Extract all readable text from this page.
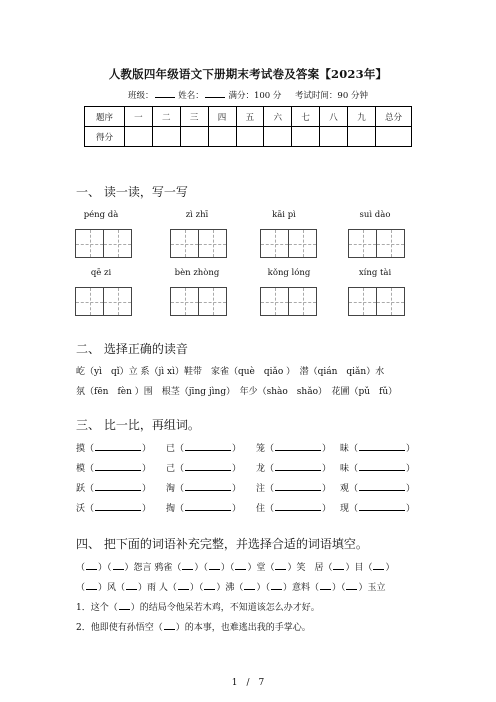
人教版四年级语文下册期末考试卷及答案【2023年】
班级：	姓名：	满分：100 分 考试时间：90 分钟
题序	一	二	三	四	五	六	七	八	九	总分
得分										
一、 读一读，写一写
péng dà	zì zhī	kāi pì	suì dào
qē zi	bèn zhòng	kǒng lóng	xíng tài
二、 选择正确的读音
屹（yì　qǐ）立 系（jì xì）鞋带　家雀（què　qiǎo ）　潜（qián　qiǎn）水
氛（fēn　fèn ）围　根茎（jīng jìng）　年少（shào　shǎo）　花圃（pǔ　fǔ）
三、 比一比，再组词。
摸（	） 已（	） 笼（	） 昧（	）
模（	） 己（	） 龙（	） 味（	）
跃（	） 淘（	） 注（	） 观（	）
沃（	） 掏（	） 住（	） 现（	）
四、 把下面的词语补充完整，并选择合适的词语填空。
（ ）（ ）怨言 鸦雀（ ）（ ）（ ）堂（ ）笑　居（ ）目（ ）
（ ）风（ ）雨 人（ ）（ ）沸（ ）（ ）意料（ ）（ ）玉立
1．这个（ ）的结局令他呆若木鸡，不知道该怎么办才好。
2．他即使有孙悟空（ ）的本事，也难逃出我的手掌心。
1　/　7
